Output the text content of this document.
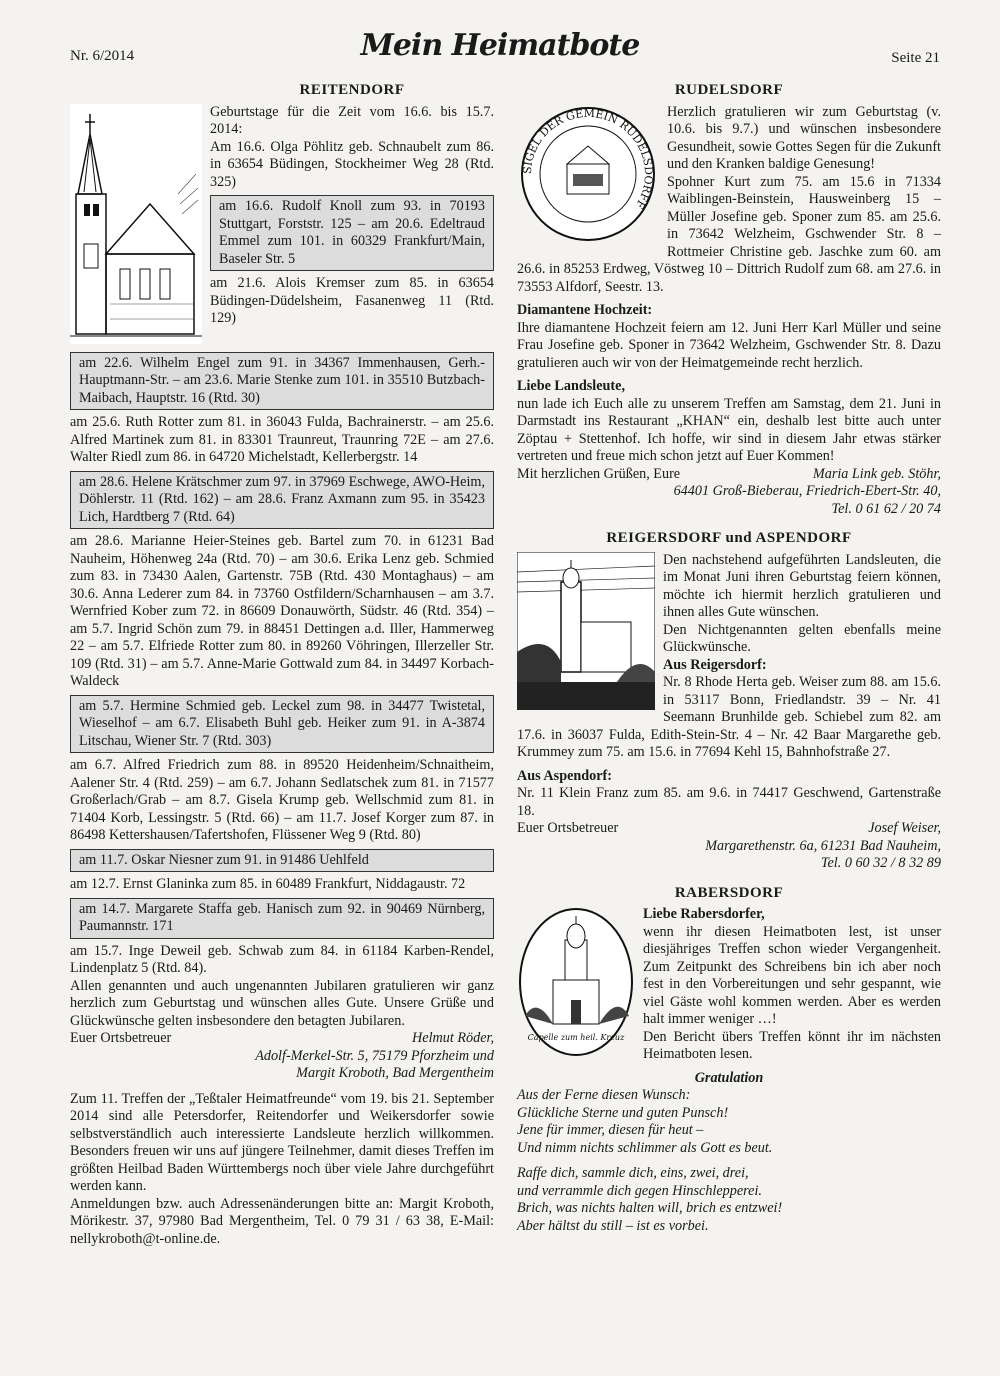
Nr. 6/2014	Mein Heimatbote	Seite 21
REITENDORF

Geburtstage für die Zeit vom 16.6. bis 15.7. 2014:

Am 16.6. Olga Pöhlitz geb. Schnaubelt zum 86. in 63654 Büdingen, Stockheimer Weg 28 (Rtd. 325)

am 16.6. Rudolf Knoll zum 93. in 70193 Stuttgart, Forststr. 125 – am 20.6. Edeltraud Emmel zum 101. in 60329 Frankfurt/Main, Baseler Str. 5

am 21.6. Alois Kremser zum 85. in 63654 Büdingen-Düdelsheim, Fasanenweg 11 (Rtd. 129)

am 22.6. Wilhelm Engel zum 91. in 34367 Immenhausen, Gerh.-Hauptmann-Str. – am 23.6. Marie Stenke zum 101. in 35510 Butzbach-Maibach, Hauptstr. 16 (Rtd. 30)

am 25.6. Ruth Rotter zum 81. in 36043 Fulda, Bachrainerstr. – am 25.6. Alfred Martinek zum 81. in 83301 Traunreut, Traunring 72E – am 27.6. Walter Riedl zum 86. in 64720 Michelstadt, Kellerbergstr. 14

am 28.6. Helene Krätschmer zum 97. in 37969 Eschwege, AWO-Heim, Döhlerstr. 11 (Rtd. 162) – am 28.6. Franz Axmann zum 95. in 35423 Lich, Hardtberg 7 (Rtd. 64)

am 28.6. Marianne Heier-Steines geb. Bartel zum 70. in 61231 Bad Nauheim, Höhenweg 24a (Rtd. 70) – am 30.6. Erika Lenz geb. Schmied zum 83. in 73430 Aalen, Gartenstr. 75B (Rtd. 430 Montaghaus) – am 30.6. Anna Lederer zum 84. in 73760 Ostfildern/Scharnhausen – am 3.7. Wernfried Kober zum 72. in 86609 Donauwörth, Südstr. 46 (Rtd. 354) – am 5.7. Ingrid Schön zum 79. in 88451 Dettingen a.d. Iller, Hammerweg 22 – am 5.7. Elfriede Rotter zum 80. in 89260 Vöhringen, Illerzeller Str. 109 (Rtd. 31) – am 5.7. Anne-Marie Gottwald zum 84. in 34497 Korbach-Waldeck

am 5.7. Hermine Schmied geb. Leckel zum 98. in 34477 Twistetal, Wieselhof – am 6.7. Elisabeth Buhl geb. Heiker zum 91. in A-3874 Litschau, Wiener Str. 7 (Rtd. 303)

am 6.7. Alfred Friedrich zum 88. in 89520 Heidenheim/Schnaitheim, Aalener Str. 4 (Rtd. 259) – am 6.7. Johann Sedlatschek zum 81. in 71577 Großerlach/Grab – am 8.7. Gisela Krump geb. Wellschmid zum 81. in 71404 Korb, Lessingstr. 5 (Rtd. 66) – am 11.7. Josef Korger zum 87. in 86498 Kettershausen/Tafertshofen, Flüssener Weg 9 (Rtd. 80)

am 11.7. Oskar Niesner zum 91. in 91486 Uehlfeld

am 12.7. Ernst Glaninka zum 85. in 60489 Frankfurt, Niddagaustr. 72

am 14.7. Margarete Staffa geb. Hanisch zum 92. in 90469 Nürnberg, Paumannstr. 171

am 15.7. Inge Deweil geb. Schwab zum 84. in 61184 Karben-Rendel, Lindenplatz 5 (Rtd. 84).

Allen genannten und auch ungenannten Jubilaren gratulieren wir ganz herzlich zum Geburtstag und wünschen alles Gute. Unsere Grüße und Glückwünsche gelten insbesondere den betagten Jubilaren.

Euer Ortsbetreuer	Helmut Röder,

Adolf-Merkel-Str. 5, 75179 Pforzheim und

Margit Kroboth, Bad Mergentheim

Zum 11. Treffen der „Teßtaler Heimatfreunde“ vom 19. bis 21. September 2014 sind alle Petersdorfer, Reitendorfer und Weikersdorfer sowie selbstverständlich auch interessierte Landsleute herzlich willkommen. Besonders freuen wir uns auf jüngere Teilnehmer, damit dieses Treffen im größten Heilbad Baden Württembergs noch über viele Jahre durchgeführt werden kann.

Anmeldungen bzw. auch Adressenänderungen bitte an: Margit Kroboth, Mörikestr. 37, 97980 Bad Mergentheim, Tel. 0 79 31 / 63 38, E-Mail: nellykroboth@t-online.de.

RUDELSDORF
SIGEL DER GEMEIN RUDELSDORFF

Herzlich gratulieren wir zum Geburtstag (v. 10.6. bis 9.7.) und wünschen insbesondere Gesundheit, sowie Gottes Segen für die Zukunft und den Kranken baldige Genesung!

Spohner Kurt zum 75. am 15.6 in 71334 Waiblingen-Beinstein, Hausweinberg 15 – Müller Josefine geb. Sponer zum 85. am 25.6. in 73642 Welzheim, Gschwender Str. 8 – Rottmeier Christine geb. Jaschke zum 60. am 26.6. in 85253 Erdweg, Vöstweg 10 – Dittrich Rudolf zum 68. am 27.6. in 73553 Alfdorf, Seestr. 13.

Diamantene Hochzeit:

Ihre diamantene Hochzeit feiern am 12. Juni Herr Karl Müller und seine Frau Josefine geb. Sponer in 73642 Welzheim, Gschwender Str. 8. Dazu gratulieren auch wir von der Heimatgemeinde recht herzlich.

Liebe Landsleute,

nun lade ich Euch alle zu unserem Treffen am Samstag, dem 21. Juni in Darmstadt ins Restaurant „KHAN“ ein, deshalb lest bitte auch unter Zöptau + Stettenhof. Ich hoffe, wir sind in diesem Jahr etwas stärker vertreten und freue mich schon jetzt auf Euer Kommen!

Mit herzlichen Grüßen, Eure	Maria Link geb. Stöhr,

64401 Groß-Bieberau, Friedrich-Ebert-Str. 40,

Tel. 0 61 62 / 20 74

REIGERSDORF und ASPENDORF

Den nachstehend aufgeführten Landsleuten, die im Monat Juni ihren Geburtstag feiern können, möchte ich hiermit herzlich gratulieren und ihnen alles Gute wünschen.

Den Nichtgenannten gelten ebenfalls meine Glückwünsche.

Aus Reigersdorf:

Nr. 8 Rhode Herta geb. Weiser zum 88. am 15.6. in 53117 Bonn, Friedlandstr. 39 – Nr. 41 Seemann Brunhilde geb. Schiebel zum 82. am 17.6. in 36037 Fulda, Edith-Stein-Str. 4 – Nr. 42 Baar Margarethe geb. Krummey zum 75. am 15.6. in 77694 Kehl 15, Bahnhofstraße 27.

Aus Aspendorf:

Nr. 11 Klein Franz zum 85. am 9.6. in 74417 Geschwend, Gartenstraße 18.

Euer Ortsbetreuer	Josef Weiser,

Margarethenstr. 6a, 61231 Bad Nauheim,

Tel. 0 60 32 / 8 32 89

RABERSDORF
Capelle zum heil. Kreuz

Liebe Rabersdorfer,

wenn ihr diesen Heimatboten lest, ist unser diesjähriges Treffen schon wieder Vergangenheit. Zum Zeitpunkt des Schreibens bin ich aber noch fest in den Vorbereitungen und sehr gespannt, wie viel Gäste wohl kommen werden. Aber es werden halt immer weniger …!

Den Bericht übers Treffen könnt ihr im nächsten Heimatboten lesen.

Gratulation

Aus der Ferne diesen Wunsch:
Glückliche Sterne und guten Punsch!
Jene für immer, diesen für heut –
Und nimm nichts schlimmer als Gott es beut.
Raffe dich, sammle dich, eins, zwei, drei,
und verrammle dich gegen Hinschlepperei.
Brich, was nichts halten will, brich es entzwei!
Aber hältst du still – ist es vorbei.
